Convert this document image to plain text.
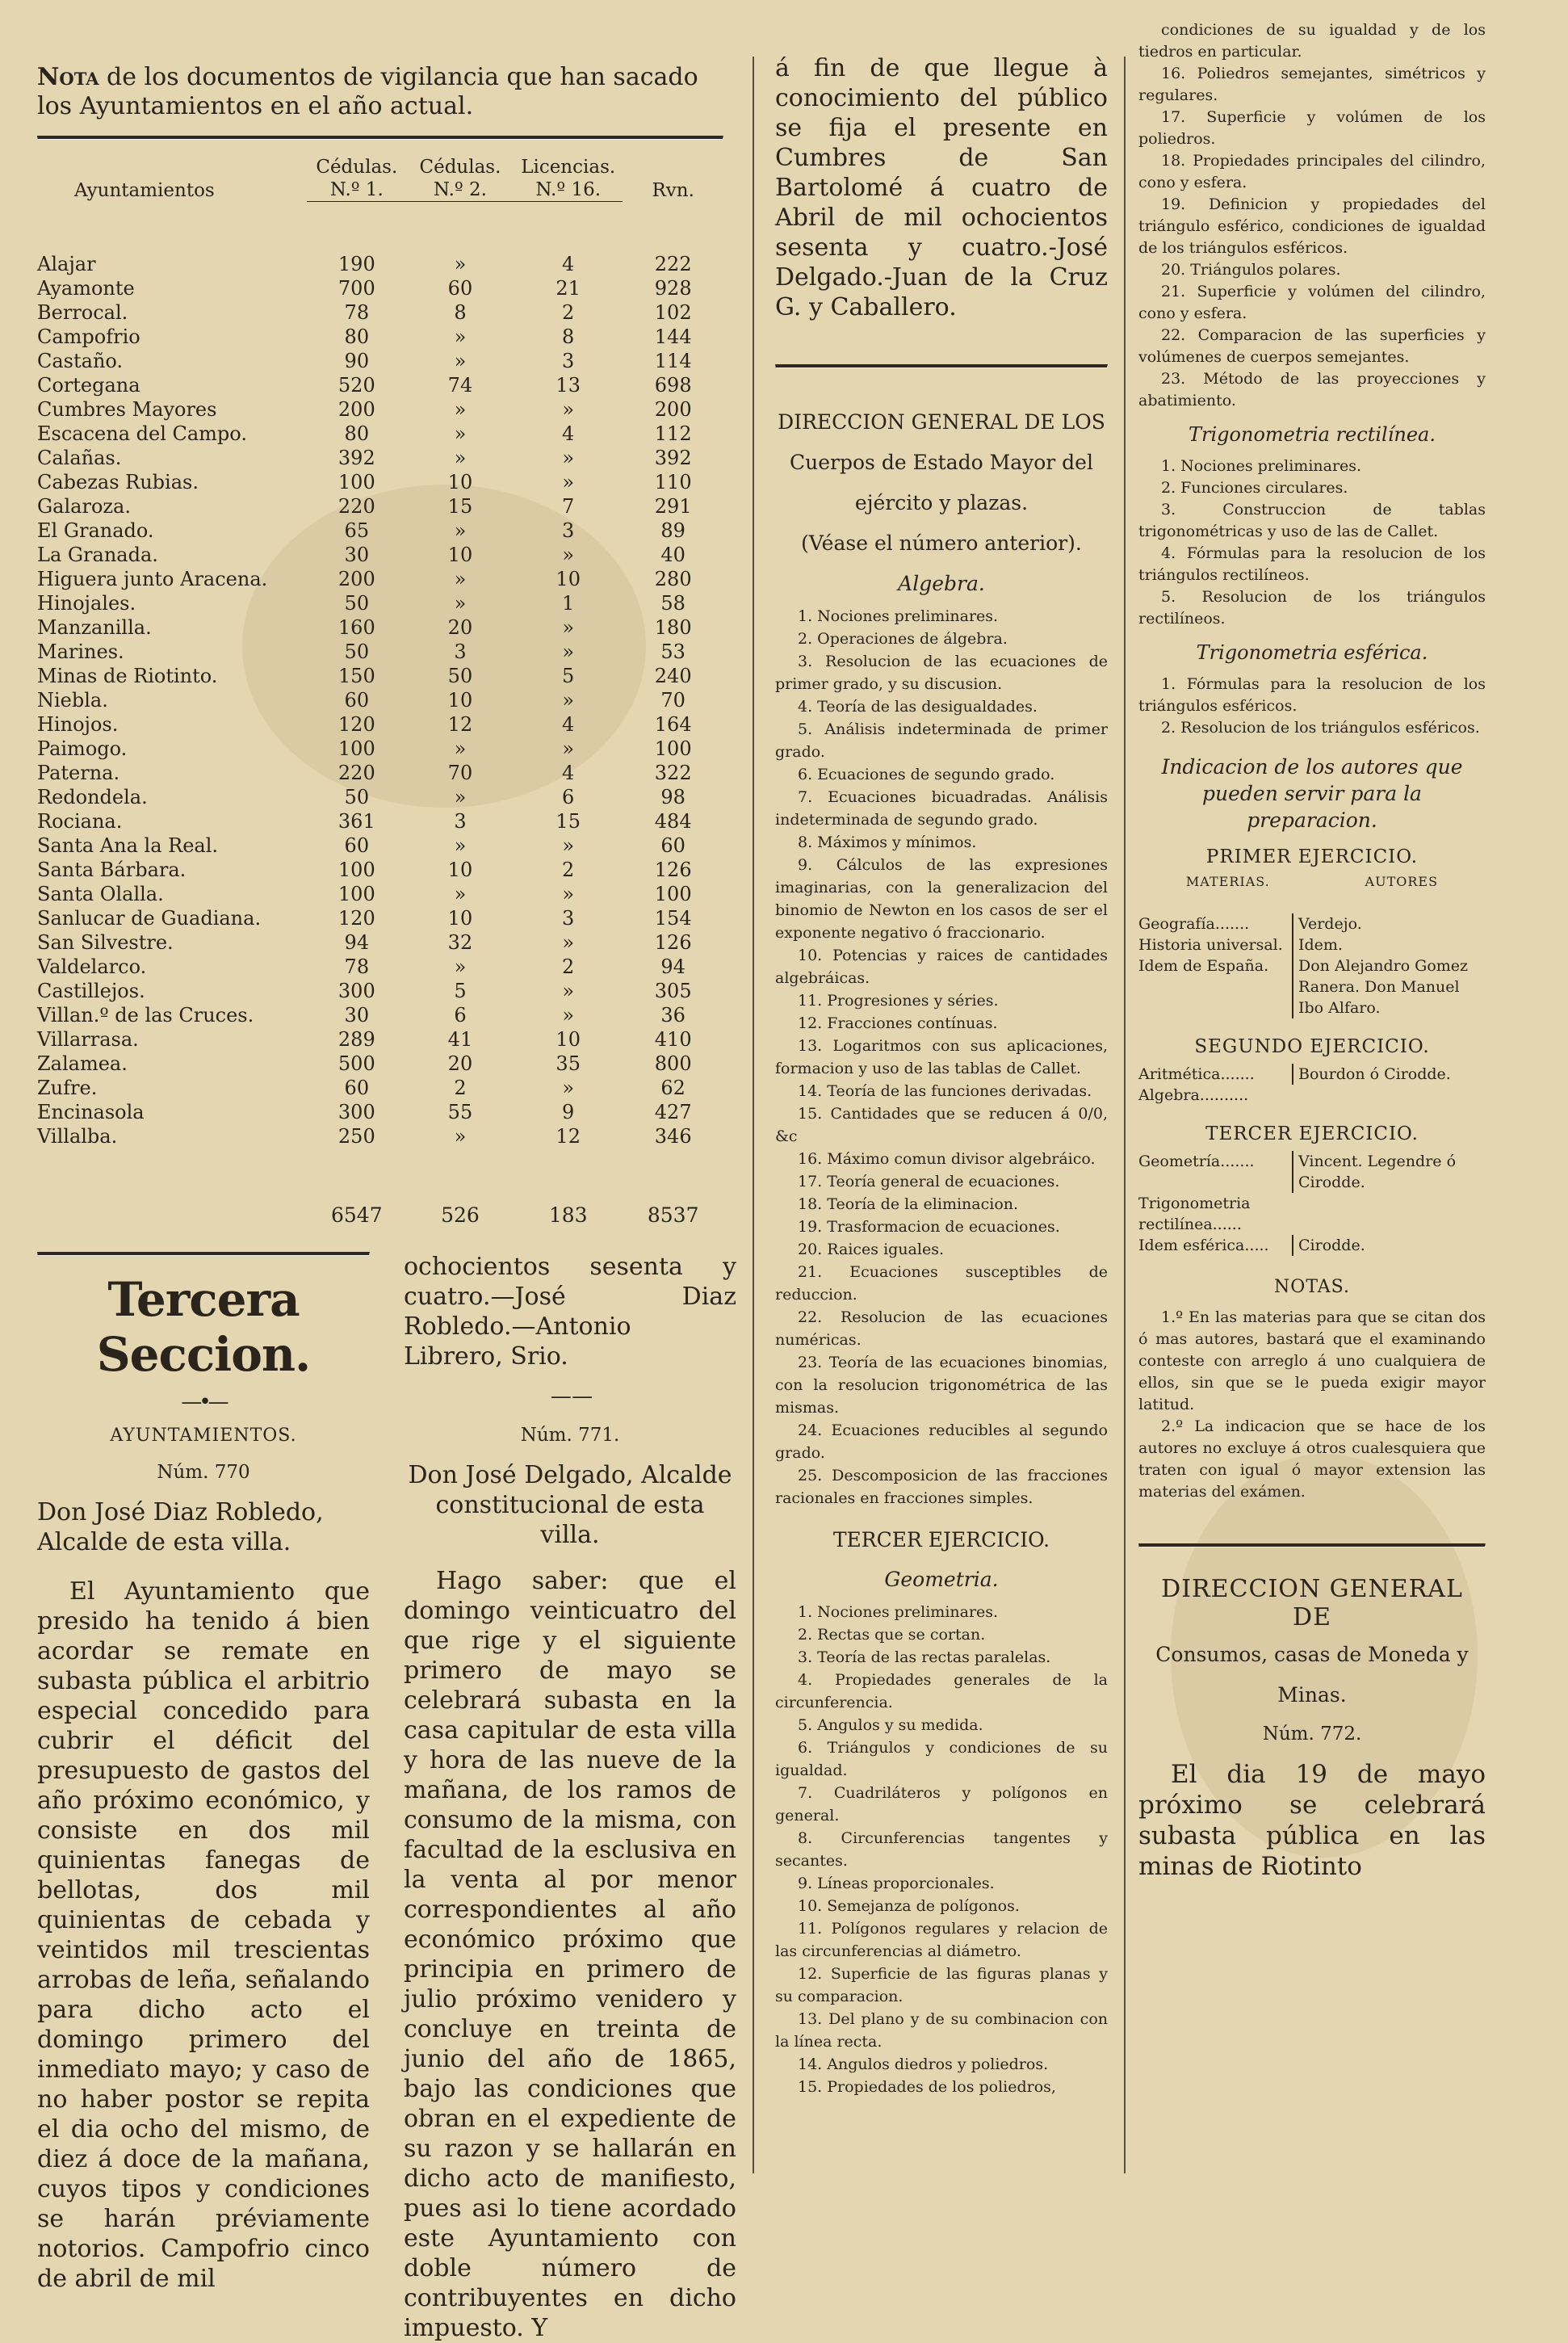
Nota de los documentos de vigilancia que han sacado los Ayuntamientos en el año actual.

Ayuntamientos	Cédulas. N.º 1.	Cédulas. N.º 2.	Licencias. N.º 16.	Rvn.
Alajar	190	»	4	222
Ayamonte	700	60	21	928
Berrocal.	78	8	2	102
Campofrio	80	»	8	144
Castaño.	90	»	3	114
Cortegana	520	74	13	698
Cumbres Mayores	200	»	»	200
Escacena del Campo.	80	»	4	112
Calañas.	392	»	»	392
Cabezas Rubias.	100	10	»	110
Galaroza.	220	15	7	291
El Granado.	65	»	3	89
La Granada.	30	10	»	40
Higuera junto Aracena.	200	»	10	280
Hinojales.	50	»	1	58
Manzanilla.	160	20	»	180
Marines.	50	3	»	53
Minas de Riotinto.	150	50	5	240
Niebla.	60	10	»	70
Hinojos.	120	12	4	164
Paimogo.	100	»	»	100
Paterna.	220	70	4	322
Redondela.	50	»	6	98
Rociana.	361	3	15	484
Santa Ana la Real.	60	»	»	60
Santa Bárbara.	100	10	2	126
Santa Olalla.	100	»	»	100
Sanlucar de Guadiana.	120	10	3	154
San Silvestre.	94	32	»	126
Valdelarco.	78	»	2	94
Castillejos.	300	5	»	305
Villan.º de las Cruces.	30	6	»	36
Villarrasa.	289	41	10	410
Zalamea.	500	20	35	800
Zufre.	60	2	»	62
Encinasola	300	55	9	427
Villalba.	250	»	12	346
	6547	526	183	8537
Tercera Seccion.
—•—
AYUNTAMIENTOS.
Núm. 770

Don José Diaz Robledo, Alcalde de esta villa.

El Ayuntamiento que presido ha tenido á bien acordar se remate en subasta pública el arbitrio especial concedido para cubrir el déficit del presupuesto de gastos del año próximo económico, y consiste en dos mil quinientas fanegas de bellotas, dos mil quinientas de cebada y veintidos mil trescientas arrobas de leña, señalando para dicho acto el domingo primero del inmediato mayo; y caso de no haber postor se repita el dia ocho del mismo, de diez á doce de la mañana, cuyos tipos y condiciones se harán préviamente notorios. Campofrio cinco de abril de mil

ochocientos sesenta y cuatro.—José Diaz Robledo.—Antonio Librero, Srio.

— —
Núm. 771.

Don José Delgado, Alcalde constitucional de esta villa.

Hago saber: que el domingo veinticuatro del que rige y el siguiente primero de mayo se celebrará subasta en la casa capitular de esta villa y hora de las nueve de la mañana, de los ramos de consumo de la misma, con facultad de la esclusiva en la venta al por menor correspondientes al año económico próximo que principia en primero de julio próximo venidero y concluye en treinta de junio del año de 1865, bajo las condiciones que obran en el expediente de su razon y se hallarán en dicho acto de manifiesto, pues asi lo tiene acordado este Ayuntamiento con doble número de contribuyentes en dicho impuesto. Y

á fin de que llegue à conocimiento del público se fija el presente en Cumbres de San Bartolomé á cuatro de Abril de mil ochocientos sesenta y cuatro.-José Delgado.-Juan de la Cruz G. y Caballero.

DIRECCION GENERAL DE LOS
Cuerpos de Estado Mayor del
ejército y plazas.
(Véase el número anterior).
Algebra.

1. Nociones preliminares.

2. Operaciones de álgebra.

3. Resolucion de las ecuaciones de primer grado, y su discusion.

4. Teoría de las desigualdades.

5. Análisis indeterminada de primer grado.

6. Ecuaciones de segundo grado.

7. Ecuaciones bicuadradas. Análisis indeterminada de segundo grado.

8. Máximos y mínimos.

9. Cálculos de las expresiones imaginarias, con la generalizacion del binomio de Newton en los casos de ser el exponente negativo ó fraccionario.

10. Potencias y raices de cantidades algebráicas.

11. Progresiones y séries.

12. Fracciones contínuas.

13. Logaritmos con sus aplicaciones, formacion y uso de las tablas de Callet.

14. Teoría de las funciones derivadas.

15. Cantidades que se reducen á 0/0, &c

16. Máximo comun divisor algebráico.

17. Teoría general de ecuaciones.

18. Teoría de la eliminacion.

19. Trasformacion de ecuaciones.

20. Raices iguales.

21. Ecuaciones susceptibles de reduccion.

22. Resolucion de las ecuaciones numéricas.

23. Teoría de las ecuaciones binomias, con la resolucion trigonométrica de las mismas.

24. Ecuaciones reducibles al segundo grado.

25. Descomposicion de las fracciones racionales en fracciones simples.

TERCER EJERCICIO.
Geometria.

1. Nociones preliminares.

2. Rectas que se cortan.

3. Teoría de las rectas paralelas.

4. Propiedades generales de la circunferencia.

5. Angulos y su medida.

6. Triángulos y condiciones de su igualdad.

7. Cuadriláteros y polígonos en general.

8. Circunferencias tangentes y secantes.

9. Líneas proporcionales.

10. Semejanza de polígonos.

11. Polígonos regulares y relacion de las circunferencias al diámetro.

12. Superficie de las figuras planas y su comparacion.

13. Del plano y de su combinacion con la línea recta.

14. Angulos diedros y poliedros.

15. Propiedades de los poliedros,

condiciones de su igualdad y de los tiedros en particular.

16. Poliedros semejantes, simétricos y regulares.

17. Superficie y volúmen de los poliedros.

18. Propiedades principales del cilindro, cono y esfera.

19. Definicion y propiedades del triángulo esférico, condiciones de igualdad de los triángulos esféricos.

20. Triángulos polares.

21. Superficie y volúmen del cilindro, cono y esfera.

22. Comparacion de las superficies y volúmenes de cuerpos semejantes.

23. Método de las proyecciones y abatimiento.

Trigonometria rectilínea.

1. Nociones preliminares.

2. Funciones circulares.

3. Construccion de tablas trigonométricas y uso de las de Callet.

4. Fórmulas para la resolucion de los triángulos rectilíneos.

5. Resolucion de los triángulos rectilíneos.

Trigonometria esférica.

1. Fórmulas para la resolucion de los triángulos esféricos.

2. Resolucion de los triángulos esféricos.

Indicacion de los autores que pueden servir para la preparacion.
PRIMER EJERCICIO.
MATERIAS.	AUTORES
Geografía.......	Verdejo.
Historia universal.	Idem.
Idem de España.	Don Alejandro Gomez Ranera. Don Manuel Ibo Alfaro.
SEGUNDO EJERCICIO.
Aritmética.......	Bourdon ó Cirodde.
Algebra..........
TERCER EJERCICIO.
Geometría.......	Vincent. Legendre ó Cirodde.
Trigonometria rectilínea......
Idem esférica.....	Cirodde.
NOTAS.

1.º En las materias para que se citan dos ó mas autores, bastará que el examinando conteste con arreglo á uno cualquiera de ellos, sin que se le pueda exigir mayor latitud.

2.º La indicacion que se hace de los autores no excluye á otros cualesquiera que traten con igual ó mayor extension las materias del exámen.

DIRECCION GENERAL DE
Consumos, casas de Moneda y
Minas.
Núm. 772.

El dia 19 de mayo próximo se celebrará subasta pública en las minas de Riotinto
